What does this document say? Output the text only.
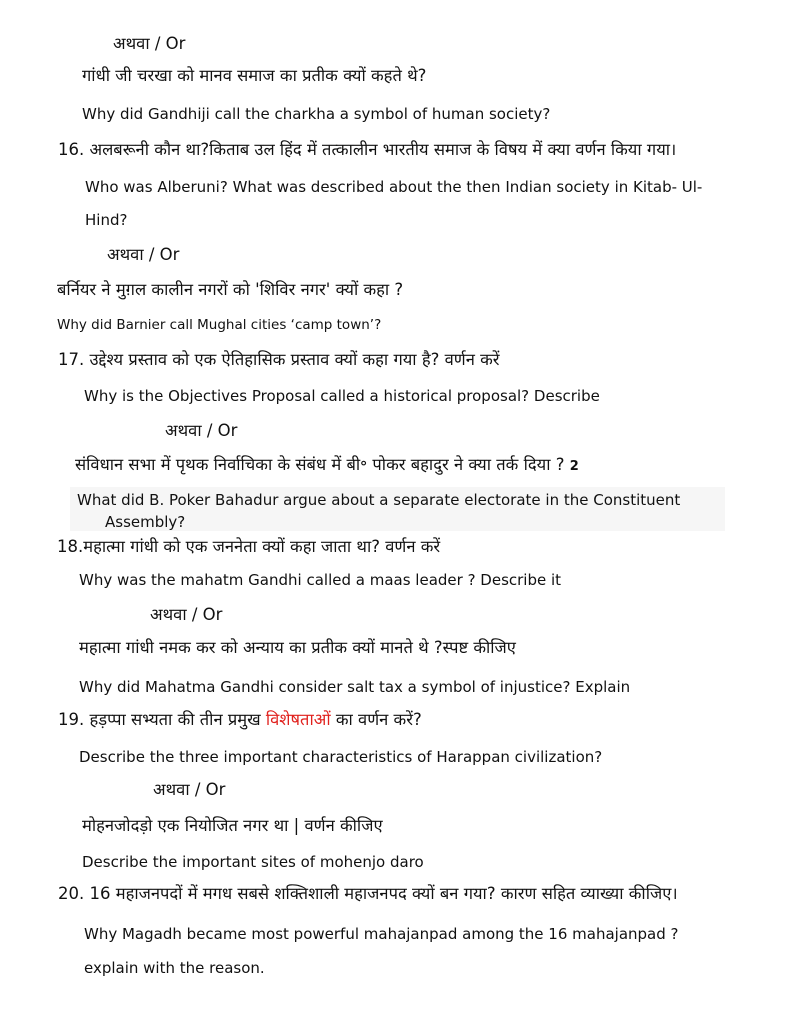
अथवा / Or
गांधी जी चरखा को मानव समाज का प्रतीक क्यों कहते थे?
Why did Gandhiji call the charkha a symbol of human society?
16. अलबरूनी कौन था?किताब उल हिंद में तत्कालीन भारतीय समाज के विषय में क्या वर्णन किया गया।
Who was Alberuni? What was described about the then Indian society in Kitab- Ul-
Hind?
अथवा / Or
बर्नियर ने मुग़ल कालीन नगरों को 'शिविर नगर' क्यों कहा ?
Why did Barnier call Mughal cities ‘camp town’?
17. उद्देश्य प्रस्ताव को एक ऐतिहासिक प्रस्ताव क्यों कहा गया है? वर्णन करें
Why is the Objectives Proposal called a historical proposal? Describe
अथवा / Or
संविधान सभा में पृथक निर्वाचिका के संबंध में बी॰ पोकर बहादुर ने क्या तर्क दिया ? 2
What did B. Poker Bahadur argue about a separate electorate in the Constituent
Assembly?
18.महात्मा गांधी को एक जननेता क्यों कहा जाता था? वर्णन करें
Why was the mahatm Gandhi called a maas leader ? Describe it
अथवा / Or
महात्मा गांधी नमक कर को अन्याय का प्रतीक क्यों मानते थे ?स्पष्ट कीजिए
Why did Mahatma Gandhi consider salt tax a symbol of injustice? Explain
19. हड़प्पा सभ्यता की तीन प्रमुख विशेषताओं का वर्णन करें?
Describe the three important characteristics of Harappan civilization?
अथवा / Or
मोहनजोदड़ो एक नियोजित नगर था | वर्णन कीजिए
Describe the important sites of mohenjo daro
20. 16 महाजनपदों में मगध सबसे शक्तिशाली महाजनपद क्यों बन गया? कारण सहित व्याख्या कीजिए।
Why Magadh became most powerful mahajanpad among the 16 mahajanpad ?
explain with the reason.
